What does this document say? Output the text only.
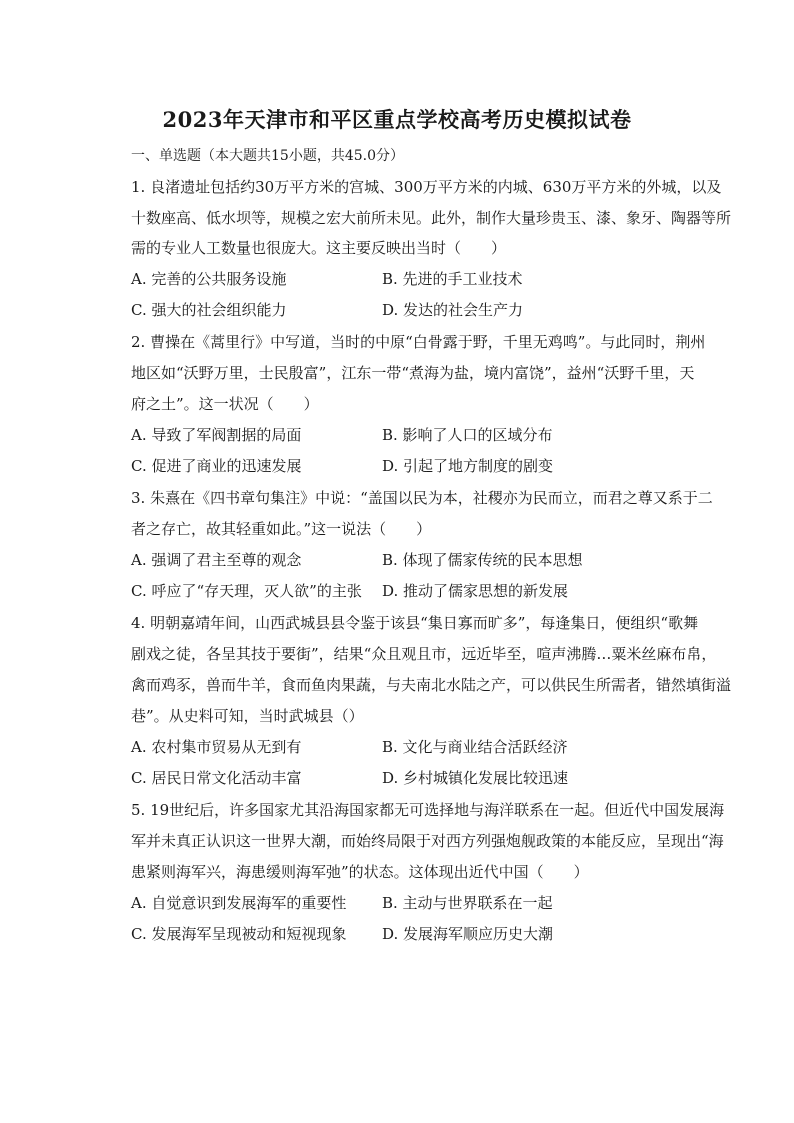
2023年天津市和平区重点学校高考历史模拟试卷
一、单选题（本大题共15小题，共45.0分）
1. 良渚遗址包括约30万平方米的宫城、300万平方米的内城、630万平方米的外城，以及
十数座高、低水坝等，规模之宏大前所未见。此外，制作大量珍贵玉、漆、象牙、陶器等所
需的专业人工数量也很庞大。这主要反映出当时（　　）
A. 完善的公共服务设施	B. 先进的手工业技术
C. 强大的社会组织能力	D. 发达的社会生产力
2. 曹操在《蒿里行》中写道，当时的中原“白骨露于野，千里无鸡鸣”。与此同时，荆州
地区如“沃野万里，士民殷富”，江东一带“煮海为盐，境内富饶”，益州“沃野千里，天
府之土”。这一状况（　　）
A. 导致了军阀割据的局面	B. 影响了人口的区域分布
C. 促进了商业的迅速发展	D. 引起了地方制度的剧变
3. 朱熹在《四书章句集注》中说：“盖国以民为本，社稷亦为民而立，而君之尊又系于二
者之存亡，故其轻重如此。”这一说法（　　）
A. 强调了君主至尊的观念	B. 体现了儒家传统的民本思想
C. 呼应了“存天理，灭人欲”的主张 D. 推动了儒家思想的新发展
4. 明朝嘉靖年间，山西武城县县令鉴于该县“集日寡而旷多”，每逢集日，便组织“歌舞
剧戏之徒，各呈其技于要街”，结果“众且观且市，远近毕至，喧声沸腾…粟米丝麻布帛，
禽而鸡豕，兽而牛羊，食而鱼肉果蔬，与夫南北水陆之产，可以供民生所需者，错然填街溢
巷”。从史料可知，当时武城县（）
A. 农村集市贸易从无到有	B. 文化与商业结合活跃经济
C. 居民日常文化活动丰富	D. 乡村城镇化发展比较迅速
5. 19世纪后，许多国家尤其沿海国家都无可选择地与海洋联系在一起。但近代中国发展海
军并未真正认识这一世界大潮，而始终局限于对西方列强炮舰政策的本能反应，呈现出“海
患紧则海军兴，海患缓则海军弛”的状态。这体现出近代中国（　　）
A. 自觉意识到发展海军的重要性 B. 主动与世界联系在一起
C. 发展海军呈现被动和短视现象 D. 发展海军顺应历史大潮
